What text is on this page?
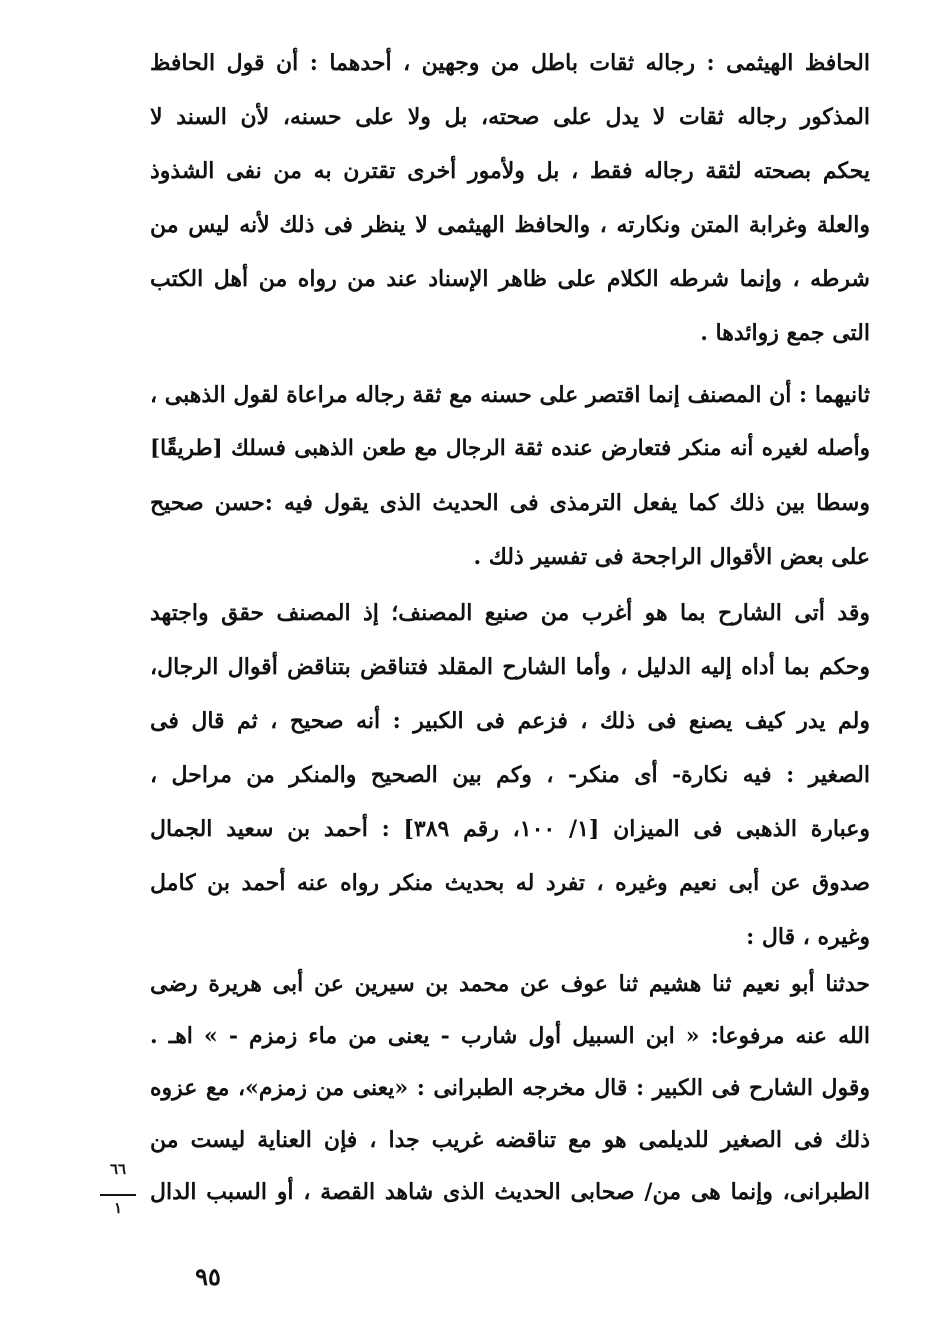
الحافظ الهيثمى : رجاله ثقات باطل من وجهين ، أحدهما : أن قول الحافظ
المذكور رجاله ثقات لا يدل على صحته، بل ولا على حسنه، لأن السند لا
يحكم بصحته لثقة رجاله فقط ، بل ولأمور أخرى تقترن به من نفى الشذوذ
والعلة وغرابة المتن ونكارته ، والحافظ الهيثمى لا ينظر فى ذلك لأنه ليس من
شرطه ، وإنما شرطه الكلام على ظاهر الإسناد عند من رواه من أهل الكتب
التى جمع زوائدها .
ثانيهما : أن المصنف إنما اقتصر على حسنه مع ثقة رجاله مراعاة لقول الذهبى ،
وأصله لغيره أنه منكر فتعارض عنده ثقة الرجال مع طعن الذهبى فسلك [طريقًا]
وسطا بين ذلك كما يفعل الترمذى فى الحديث الذى يقول فيه :حسن صحيح
على بعض الأقوال الراجحة فى تفسير ذلك .
وقد أتى الشارح بما هو أغرب من صنيع المصنف؛ إذ المصنف حقق واجتهد
وحكم بما أداه إليه الدليل ، وأما الشارح المقلد فتناقض بتناقض أقوال الرجال،
ولم يدر كيف يصنع فى ذلك ، فزعم فى الكبير : أنه صحيح ، ثم قال فى
الصغير : فيه نكارة- أى منكر- ، وكم بين الصحيح والمنكر من مراحل ،
وعبارة الذهبى فى الميزان [١/ ١٠٠، رقم ٣٨٩] : أحمد بن سعيد الجمال
صدوق عن أبى نعيم وغيره ، تفرد له بحديث منكر رواه عنه أحمد بن كامل
وغيره ، قال :
حدثنا أبو نعيم ثنا هشيم ثنا عوف عن محمد بن سيرين عن أبى هريرة رضى
الله عنه مرفوعا: « ابن السبيل أول شارب - يعنى من ماء زمزم - » اهـ .
وقول الشارح فى الكبير : قال مخرجه الطبرانى : «يعنى من زمزم»، مع عزوه
ذلك فى الصغير للديلمى هو مع تناقضه غريب جدا ، فإن العناية ليست من
الطبرانى، وإنما هى من/ صحابى الحديث الذى شاهد القصة ، أو السبب الدال
٦٦
١
٩٥
